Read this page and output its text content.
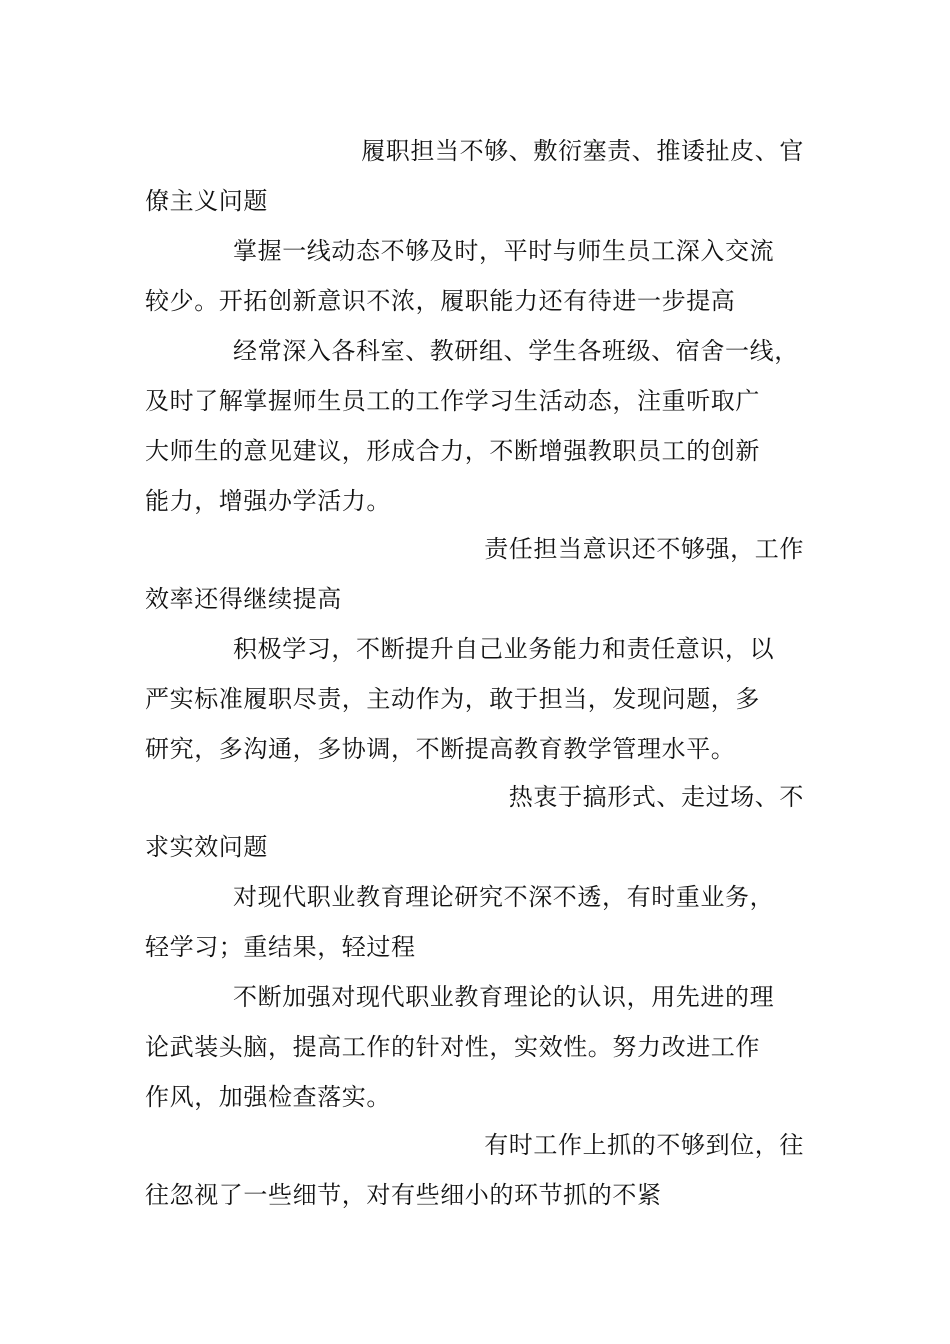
履职担当不够、敷衍塞责、推诿扯皮、官
僚主义问题
掌握一线动态不够及时，平时与师生员工深入交流
较少。开拓创新意识不浓，履职能力还有待进一步提高
经常深入各科室、教研组、学生各班级、宿舍一线，
及时了解掌握师生员工的工作学习生活动态，注重听取广
大师生的意见建议，形成合力，不断增强教职员工的创新
能力，增强办学活力。
责任担当意识还不够强，工作
效率还得继续提高
积极学习，不断提升自己业务能力和责任意识，以
严实标准履职尽责，主动作为，敢于担当，发现问题，多
研究，多沟通，多协调，不断提高教育教学管理水平。
热衷于搞形式、走过场、不
求实效问题
对现代职业教育理论研究不深不透，有时重业务，
轻学习；重结果，轻过程
不断加强对现代职业教育理论的认识，用先进的理
论武装头脑，提高工作的针对性，实效性。努力改进工作
作风，加强检查落实。
有时工作上抓的不够到位，往
往忽视了一些细节，对有些细小的环节抓的不紧
